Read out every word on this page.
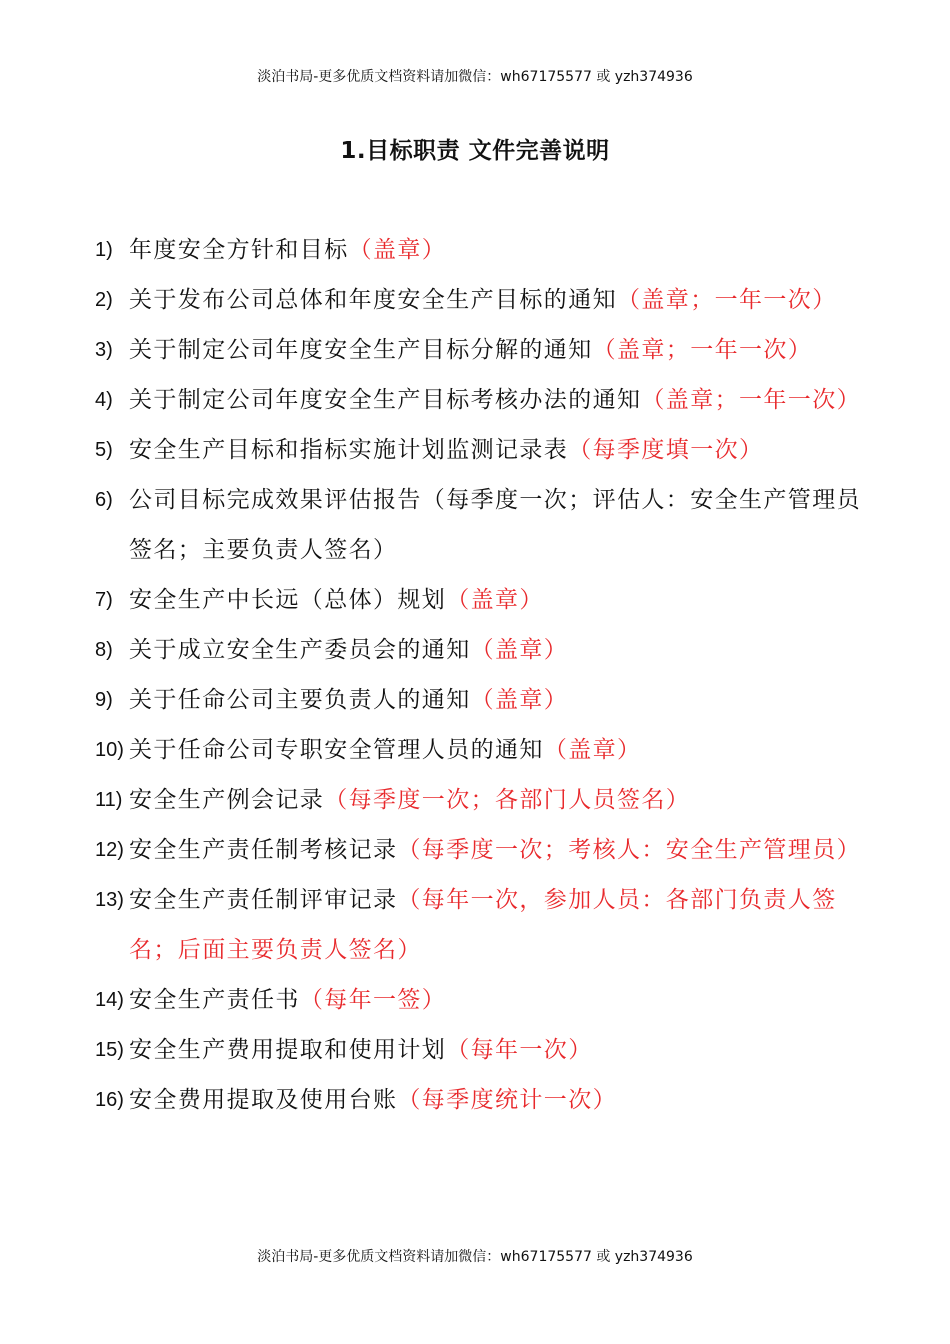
淡泊书局-更多优质文档资料请加微信：wh67175577 或 yzh374936
1.目标职责 文件完善说明
1) 年度安全方针和目标（盖章）
2) 关于发布公司总体和年度安全生产目标的通知（盖章；一年一次）
3) 关于制定公司年度安全生产目标分解的通知（盖章；一年一次）
4) 关于制定公司年度安全生产目标考核办法的通知（盖章；一年一次）
5) 安全生产目标和指标实施计划监测记录表（每季度填一次）
6) 公司目标完成效果评估报告（每季度一次；评估人：安全生产管理员签名；主要负责人签名）
7) 安全生产中长远（总体）规划（盖章）
8) 关于成立安全生产委员会的通知（盖章）
9) 关于任命公司主要负责人的通知（盖章）
10) 关于任命公司专职安全管理人员的通知（盖章）
11) 安全生产例会记录（每季度一次；各部门人员签名）
12) 安全生产责任制考核记录（每季度一次；考核人：安全生产管理员）
13) 安全生产责任制评审记录（每年一次，参加人员：各部门负责人签名；后面主要负责人签名）
14) 安全生产责任书（每年一签）
15) 安全生产费用提取和使用计划（每年一次）
16) 安全费用提取及使用台账（每季度统计一次）
淡泊书局-更多优质文档资料请加微信：wh67175577 或 yzh374936
